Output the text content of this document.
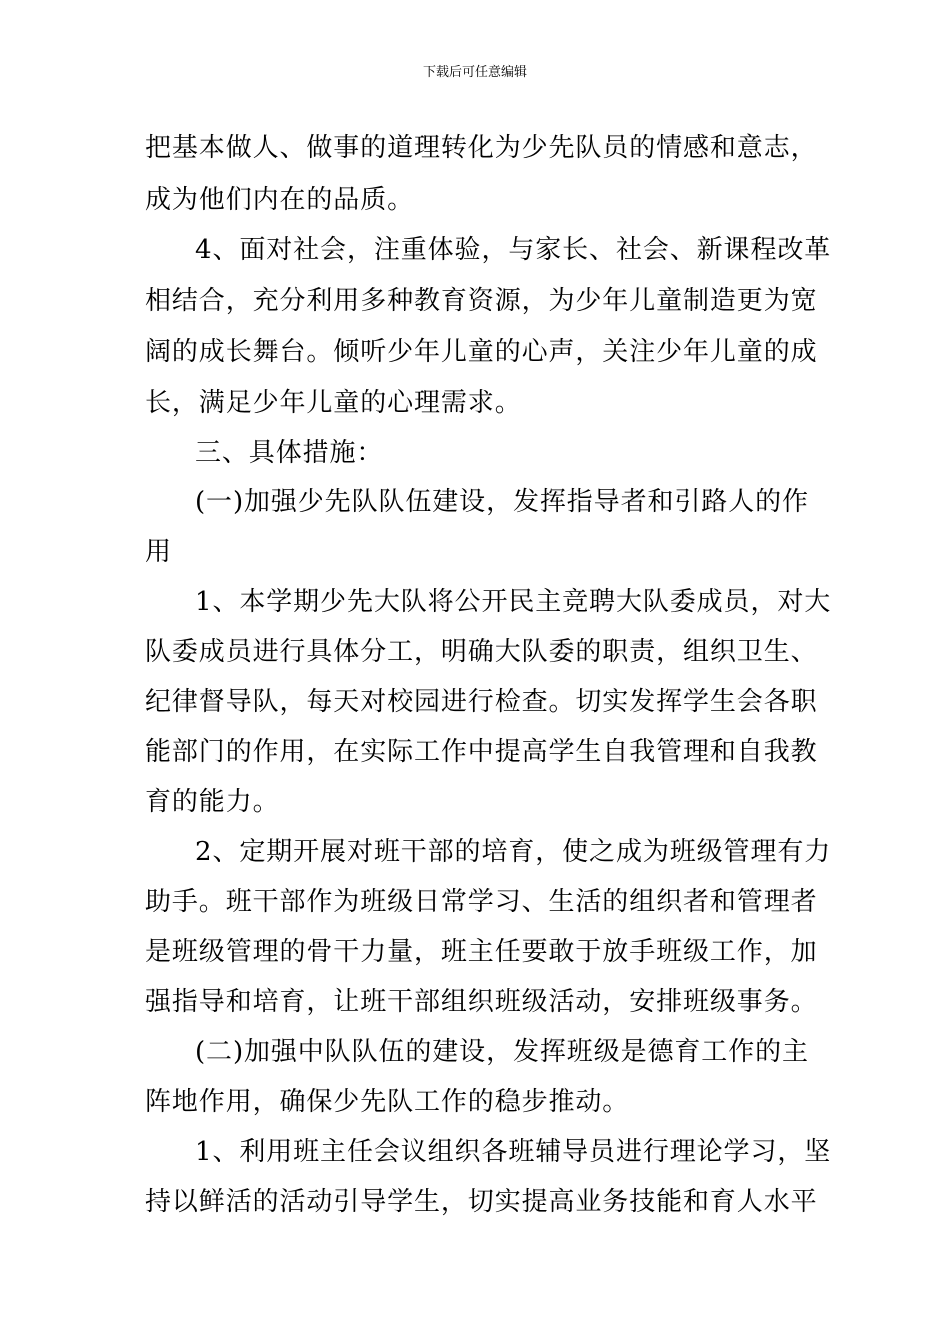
下载后可任意编辑
把基本做人、做事的道理转化为少先队员的情感和意志，
成为他们内在的品质。
4、面对社会，注重体验，与家长、社会、新课程改革
相结合，充分利用多种教育资源，为少年儿童制造更为宽
阔的成长舞台。倾听少年儿童的心声，关注少年儿童的成
长，满足少年儿童的心理需求。
三、具体措施：
(一)加强少先队队伍建设，发挥指导者和引路人的作
用
1、本学期少先大队将公开民主竞聘大队委成员，对大
队委成员进行具体分工，明确大队委的职责，组织卫生、
纪律督导队，每天对校园进行检查。切实发挥学生会各职
能部门的作用，在实际工作中提高学生自我管理和自我教
育的能力。
2、定期开展对班干部的培育，使之成为班级管理有力
助手。班干部作为班级日常学习、生活的组织者和管理者
是班级管理的骨干力量，班主任要敢于放手班级工作，加
强指导和培育，让班干部组织班级活动，安排班级事务。
(二)加强中队队伍的建设，发挥班级是德育工作的主
阵地作用，确保少先队工作的稳步推动。
1、利用班主任会议组织各班辅导员进行理论学习，坚
持以鲜活的活动引导学生，切实提高业务技能和育人水平
